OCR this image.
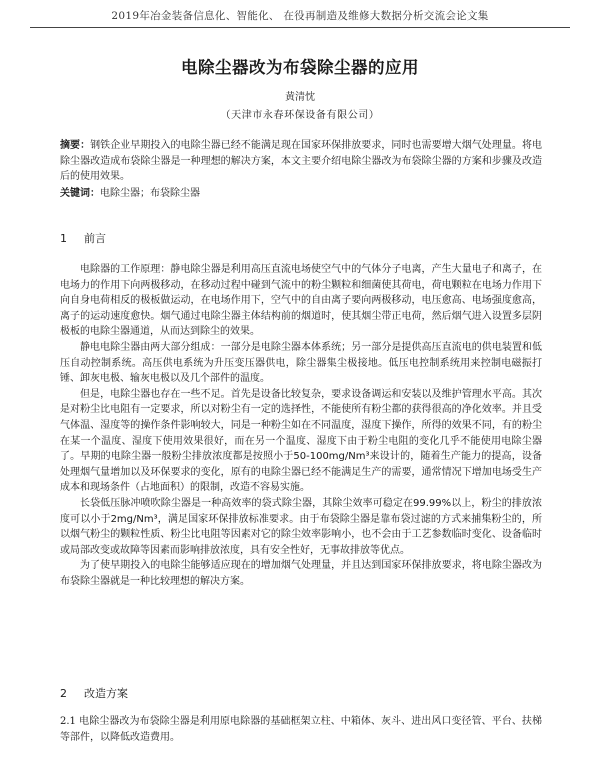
2019年冶金装备信息化、智能化、 在役再制造及维修大数据分析交流会论文集
电除尘器改为布袋除尘器的应用
黄清忱
（天津市永春环保设备有限公司）
摘要：钢铁企业早期投入的电除尘器已经不能满足现在国家环保排放要求，同时也需要增大烟气处理量。将电除尘器改造成布袋除尘器是一种理想的解决方案，本文主要介绍电除尘器改为布袋除尘器的方案和步骤及改造后的使用效果。
关键词：电除尘器；布袋除尘器
1 前言

电除器的工作原理：静电除尘器是利用高压直流电场使空气中的气体分子电离，产生大量电子和离子，在电场力的作用下向两极移动，在移动过程中碰到气流中的粉尘颗粒和细菌使其荷电，荷电颗粒在电场力作用下向自身电荷相反的极板做运动，在电场作用下，空气中的自由离子要向两极移动，电压愈高、电场强度愈高，离子的运动速度愈快。烟气通过电除尘器主体结构前的烟道时，使其烟尘带正电荷，然后烟气进入设置多层阴极板的电除尘器通道，从而达到除尘的效果。

静电电除尘器由两大部分组成：一部分是电除尘器本体系统；另一部分是提供高压直流电的供电装置和低压自动控制系统。高压供电系统为升压变压器供电，除尘器集尘极接地。低压电控制系统用来控制电磁振打锤、卸灰电极、输灰电极以及几个部件的温度。

但是，电除尘器也存在一些不足。首先是设备比较复杂，要求设备调运和安装以及维护管理水平高。其次是对粉尘比电阻有一定要求，所以对粉尘有一定的选择性，不能使所有粉尘都的获得很高的净化效率。并且受气体温、湿度等的操作条件影响较大，同是一种粉尘如在不同温度，湿度下操作，所得的效果不同，有的粉尘在某一个温度、湿度下使用效果很好，而在另一个温度、湿度下由于粉尘电阻的变化几乎不能使用电除尘器了。早期的电除尘器一般粉尘排放浓度都是按照小于50-100mg/Nm³来设计的，随着生产能力的提高，设备处理烟气量增加以及环保要求的变化，原有的电除尘器已经不能满足生产的需要，通常情况下增加电场受生产成本和现场条件（占地面积）的限制，改造不容易实施。

长袋低压脉冲喷吹除尘器是一种高效率的袋式除尘器，其除尘效率可稳定在99.99%以上，粉尘的排放浓度可以小于2mg/Nm³，满足国家环保排放标准要求。由于布袋除尘器是靠布袋过滤的方式来捕集粉尘的，所以烟气粉尘的颗粒性质、粉尘比电阻等因素对它的除尘效率影响小，也不会由于工艺参数临时变化、设备临时或局部改变或故障等因素而影响排放浓度，具有安全性好，无事故排放等优点。

为了使早期投入的电除尘能够适应现在的增加烟气处理量，并且达到国家环保排放要求，将电除尘器改为布袋除尘器就是一种比较理想的解决方案。

2 改造方案
2.1 电除尘器改为布袋除尘器是利用原电除器的基础框架立柱、中箱体、灰斗、进出风口变径管、平台、扶梯等部件，以降低改造费用。
